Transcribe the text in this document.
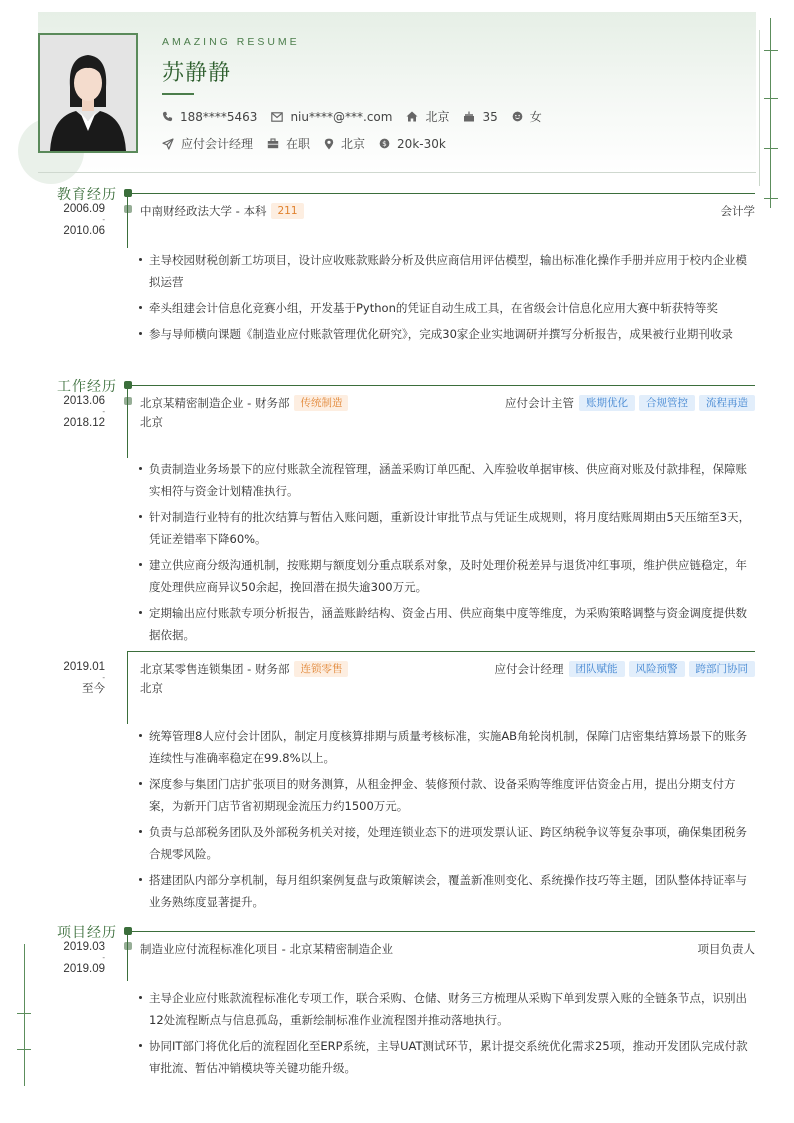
AMAZING RESUME
苏静静
188****5463	niu****@***.com	北京	35	女
应付会计经理	在职	北京 $ 20k-30k
教育经历
2006.09
-
2010.06
中南财经政法大学 - 本科	211	会计学
主导校园财税创新工坊项目，设计应收账款账龄分析及供应商信用评估模型，输出标准化操作手册并应用于校内企业模拟运营
牵头组建会计信息化竞赛小组，开发基于Python的凭证自动生成工具，在省级会计信息化应用大赛中斩获特等奖
参与导师横向课题《制造业应付账款管理优化研究》，完成30家企业实地调研并撰写分析报告，成果被行业期刊收录
工作经历
2013.06
-
2018.12
北京某精密制造企业 - 财务部	传统制造	应付会计主管	账期优化	合规管控	流程再造
北京
负责制造业务场景下的应付账款全流程管理，涵盖采购订单匹配、入库验收单据审核、供应商对账及付款排程，保障账实相符与资金计划精准执行。
针对制造行业特有的批次结算与暂估入账问题，重新设计审批节点与凭证生成规则，将月度结账周期由5天压缩至3天，凭证差错率下降60%。
建立供应商分级沟通机制，按账期与额度划分重点联系对象，及时处理价税差异与退货冲红事项，维护供应链稳定，年度处理供应商异议50余起，挽回潜在损失逾300万元。
定期输出应付账款专项分析报告，涵盖账龄结构、资金占用、供应商集中度等维度，为采购策略调整与资金调度提供数据依据。
2019.01
-
至今
北京某零售连锁集团 - 财务部	连锁零售	应付会计经理	团队赋能	风险预警	跨部门协同
北京
统筹管理8人应付会计团队，制定月度核算排期与质量考核标准，实施AB角轮岗机制，保障门店密集结算场景下的账务连续性与准确率稳定在99.8%以上。
深度参与集团门店扩张项目的财务测算，从租金押金、装修预付款、设备采购等维度评估资金占用，提出分期支付方案，为新开门店节省初期现金流压力约1500万元。
负责与总部税务团队及外部税务机关对接，处理连锁业态下的进项发票认证、跨区纳税争议等复杂事项，确保集团税务合规零风险。
搭建团队内部分享机制，每月组织案例复盘与政策解读会，覆盖新准则变化、系统操作技巧等主题，团队整体持证率与业务熟练度显著提升。
项目经历
2019.03
-
2019.09
制造业应付流程标准化项目 - 北京某精密制造企业	项目负责人
主导企业应付账款流程标准化专项工作，联合采购、仓储、财务三方梳理从采购下单到发票入账的全链条节点，识别出12处流程断点与信息孤岛，重新绘制标准作业流程图并推动落地执行。
协同IT部门将优化后的流程固化至ERP系统，主导UAT测试环节，累计提交系统优化需求25项，推动开发团队完成付款审批流、暂估冲销模块等关键功能升级。
